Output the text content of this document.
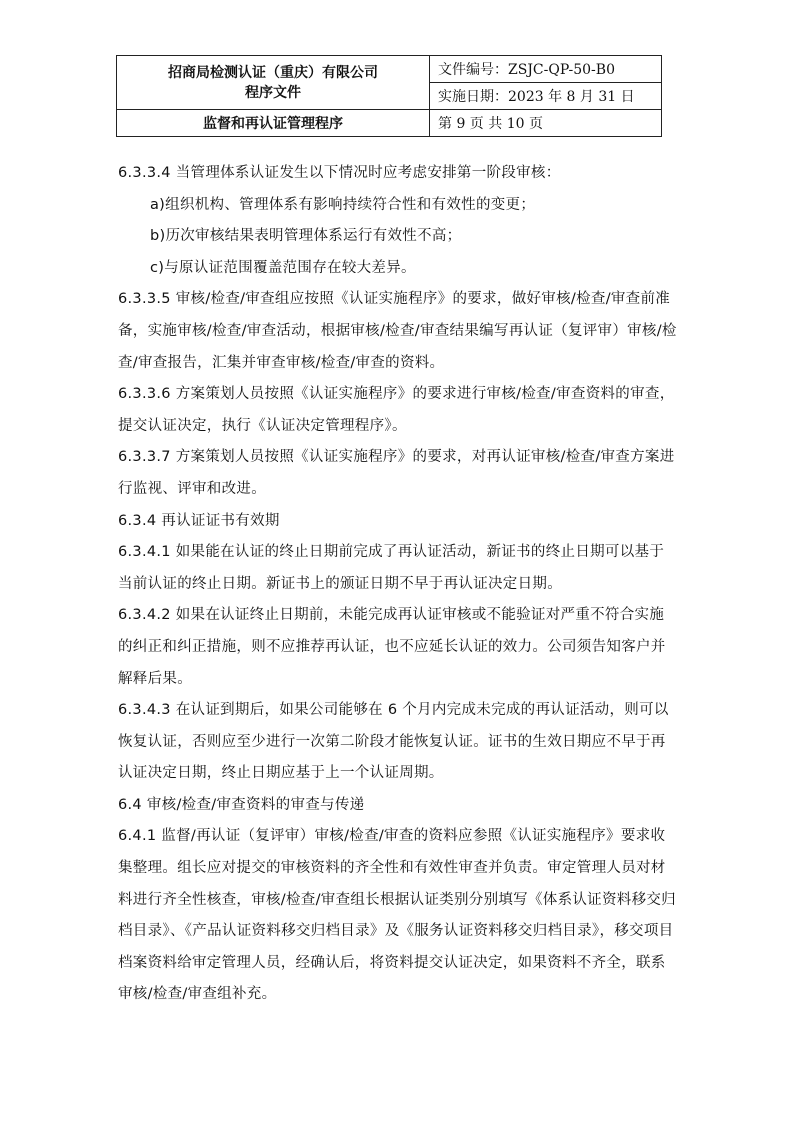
招商局检测认证（重庆）有限公司
程序文件	文件编号：ZSJC-QP-50-B0
	实施日期：2023 年 8 月 31 日
监督和再认证管理程序	第 9 页 共 10 页

6.3.3.4 当管理体系认证发生以下情况时应考虑安排第一阶段审核：

a)组织机构、管理体系有影响持续符合性和有效性的变更；

b)历次审核结果表明管理体系运行有效性不高；

c)与原认证范围覆盖范围存在较大差异。

6.3.3.5 审核/检查/审查组应按照《认证实施程序》的要求，做好审核/检查/审查前准备，实施审核/检查/审查活动，根据审核/检查/审查结果编写再认证（复评审）审核/检查/审查报告，汇集并审查审核/检查/审查的资料。

6.3.3.6 方案策划人员按照《认证实施程序》的要求进行审核/检查/审查资料的审查，提交认证决定，执行《认证决定管理程序》。

6.3.3.7 方案策划人员按照《认证实施程序》的要求，对再认证审核/检查/审查方案进行监视、评审和改进。

6.3.4 再认证证书有效期

6.3.4.1 如果能在认证的终止日期前完成了再认证活动，新证书的终止日期可以基于当前认证的终止日期。新证书上的颁证日期不早于再认证决定日期。

6.3.4.2 如果在认证终止日期前，未能完成再认证审核或不能验证对严重不符合实施的纠正和纠正措施，则不应推荐再认证，也不应延长认证的效力。公司须告知客户并解释后果。

6.3.4.3 在认证到期后，如果公司能够在 6 个月内完成未完成的再认证活动，则可以恢复认证，否则应至少进行一次第二阶段才能恢复认证。证书的生效日期应不早于再认证决定日期，终止日期应基于上一个认证周期。

6.4 审核/检查/审查资料的审查与传递

6.4.1 监督/再认证（复评审）审核/检查/审查的资料应参照《认证实施程序》要求收集整理。组长应对提交的审核资料的齐全性和有效性审查并负责。审定管理人员对材料进行齐全性核查，审核/检查/审查组长根据认证类别分别填写《体系认证资料移交归档目录》、《产品认证资料移交归档目录》及《服务认证资料移交归档目录》，移交项目档案资料给审定管理人员，经确认后，将资料提交认证决定，如果资料不齐全，联系审核/检查/审查组补充。
